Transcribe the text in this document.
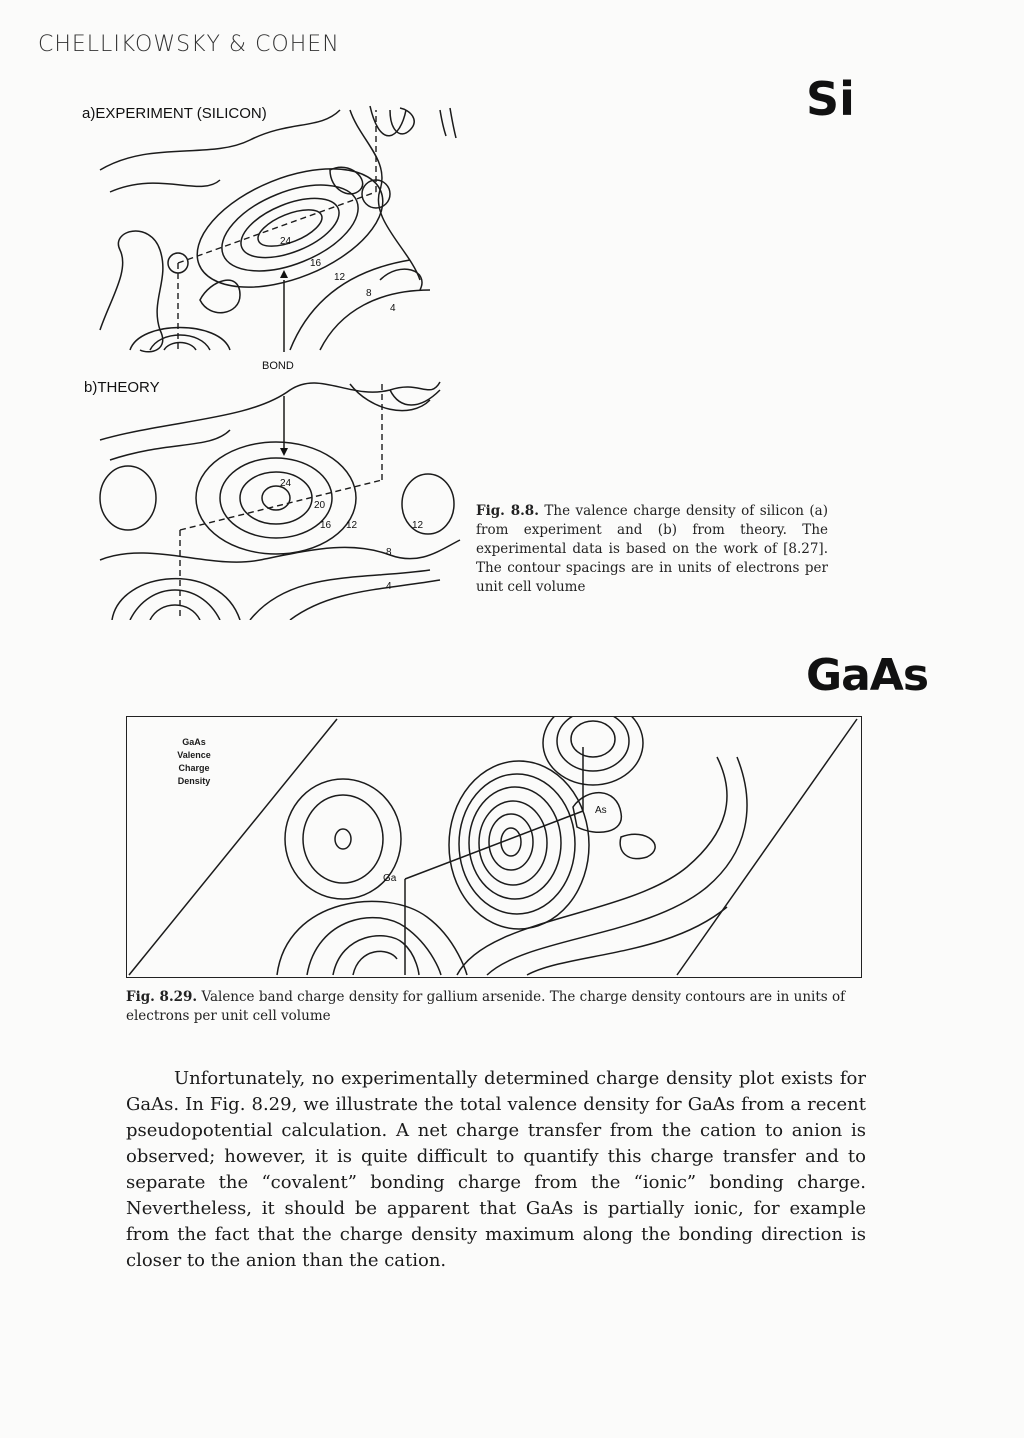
CHELLIKOWSKY & COHEN
Si
GaAs
a)EXPERIMENT (SILICON)
b)THEORY
BOND
24
16
12
8
4
24
20
16 12	12
8
4
Fig. 8.8. The valence charge density of silicon (a) from experiment and (b) from theory. The experimental data is based on the work of [8.27]. The contour spacings are in units of electrons per unit cell volume
Ga
As
GaAs
Valence
Charge
Density
Fig. 8.29. Valence band charge density for gallium arsenide. The charge density contours are in units of electrons per unit cell volume

Unfortunately, no experimentally determined charge density plot exists for GaAs. In Fig. 8.29, we illustrate the total valence density for GaAs from a recent pseudopotential calculation. A net charge transfer from the cation to anion is observed; however, it is quite difficult to quantify this charge transfer and to separate the “covalent” bonding charge from the “ionic” bonding charge. Nevertheless, it should be apparent that GaAs is partially ionic, for example from the fact that the charge density maximum along the bonding direction is closer to the anion than the cation.
